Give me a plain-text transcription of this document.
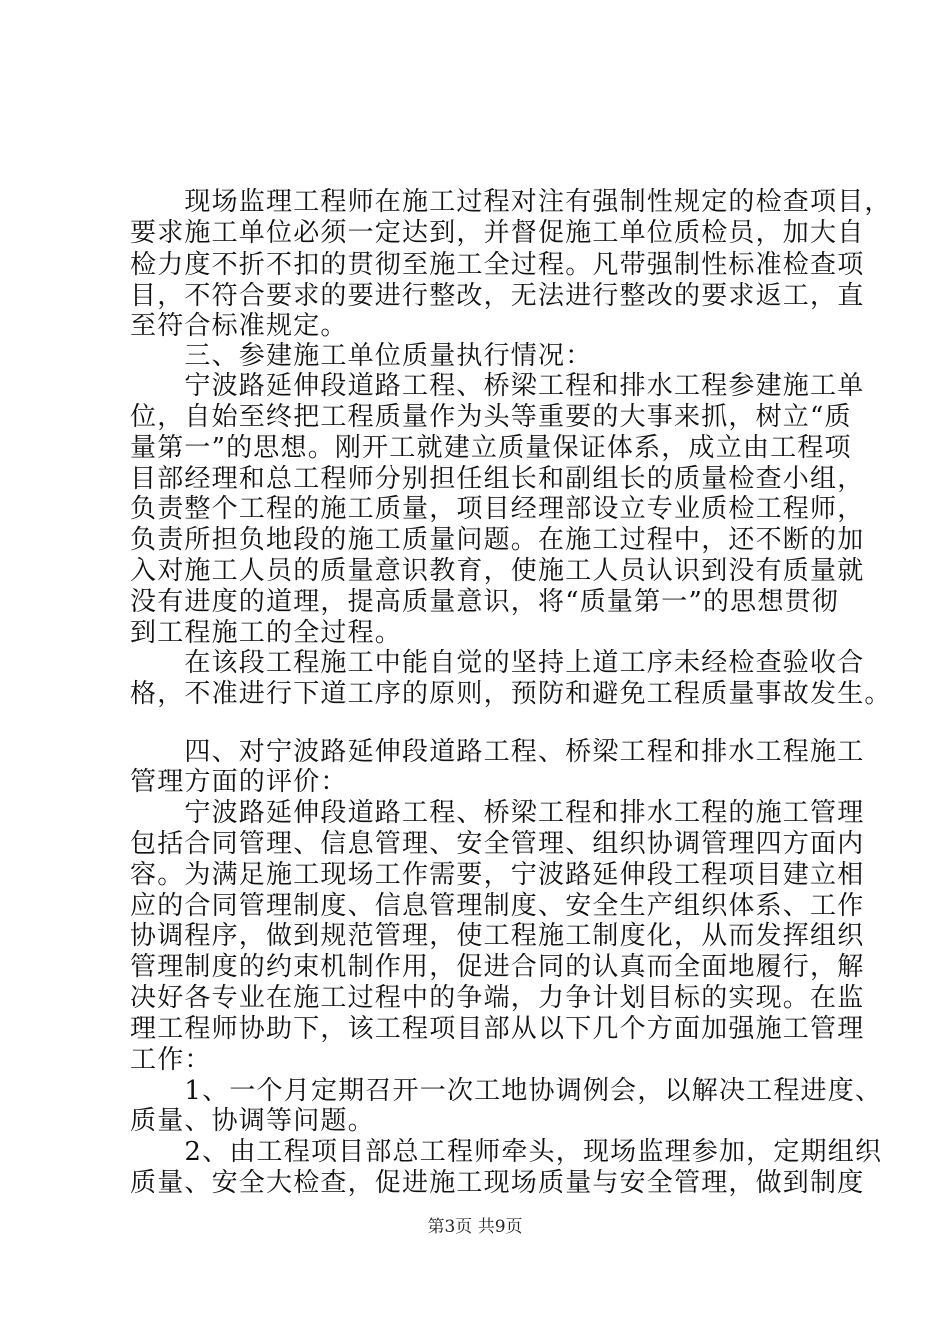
　　现场监理工程师在施工过程对注有强制性规定的检查项目，
要求施工单位必须一定达到，并督促施工单位质检员，加大自
检力度不折不扣的贯彻至施工全过程。凡带强制性标准检查项
目，不符合要求的要进行整改，无法进行整改的要求返工，直
至符合标准规定。
　　三、参建施工单位质量执行情况：
　　宁波路延伸段道路工程、桥梁工程和排水工程参建施工单
位，自始至终把工程质量作为头等重要的大事来抓，树立“质
量第一”的思想。刚开工就建立质量保证体系，成立由工程项
目部经理和总工程师分别担任组长和副组长的质量检查小组，
负责整个工程的施工质量，项目经理部设立专业质检工程师，
负责所担负地段的施工质量问题。在施工过程中，还不断的加
入对施工人员的质量意识教育，使施工人员认识到没有质量就
没有进度的道理，提高质量意识，将“质量第一”的思想贯彻
到工程施工的全过程。
　　在该段工程施工中能自觉的坚持上道工序未经检查验收合
格，不准进行下道工序的原则，预防和避免工程质量事故发生。
　　四、对宁波路延伸段道路工程、桥梁工程和排水工程施工
管理方面的评价：
　　宁波路延伸段道路工程、桥梁工程和排水工程的施工管理
包括合同管理、信息管理、安全管理、组织协调管理四方面内
容。为满足施工现场工作需要，宁波路延伸段工程项目建立相
应的合同管理制度、信息管理制度、安全生产组织体系、工作
协调程序，做到规范管理，使工程施工制度化，从而发挥组织
管理制度的约束机制作用，促进合同的认真而全面地履行，解
决好各专业在施工过程中的争端，力争计划目标的实现。在监
理工程师协助下，该工程项目部从以下几个方面加强施工管理
工作：
　　1、一个月定期召开一次工地协调例会，以解决工程进度、
质量、协调等问题。
　　2、由工程项目部总工程师牵头，现场监理参加，定期组织
质量、安全大检查，促进施工现场质量与安全管理，做到制度
第3页 共9页
